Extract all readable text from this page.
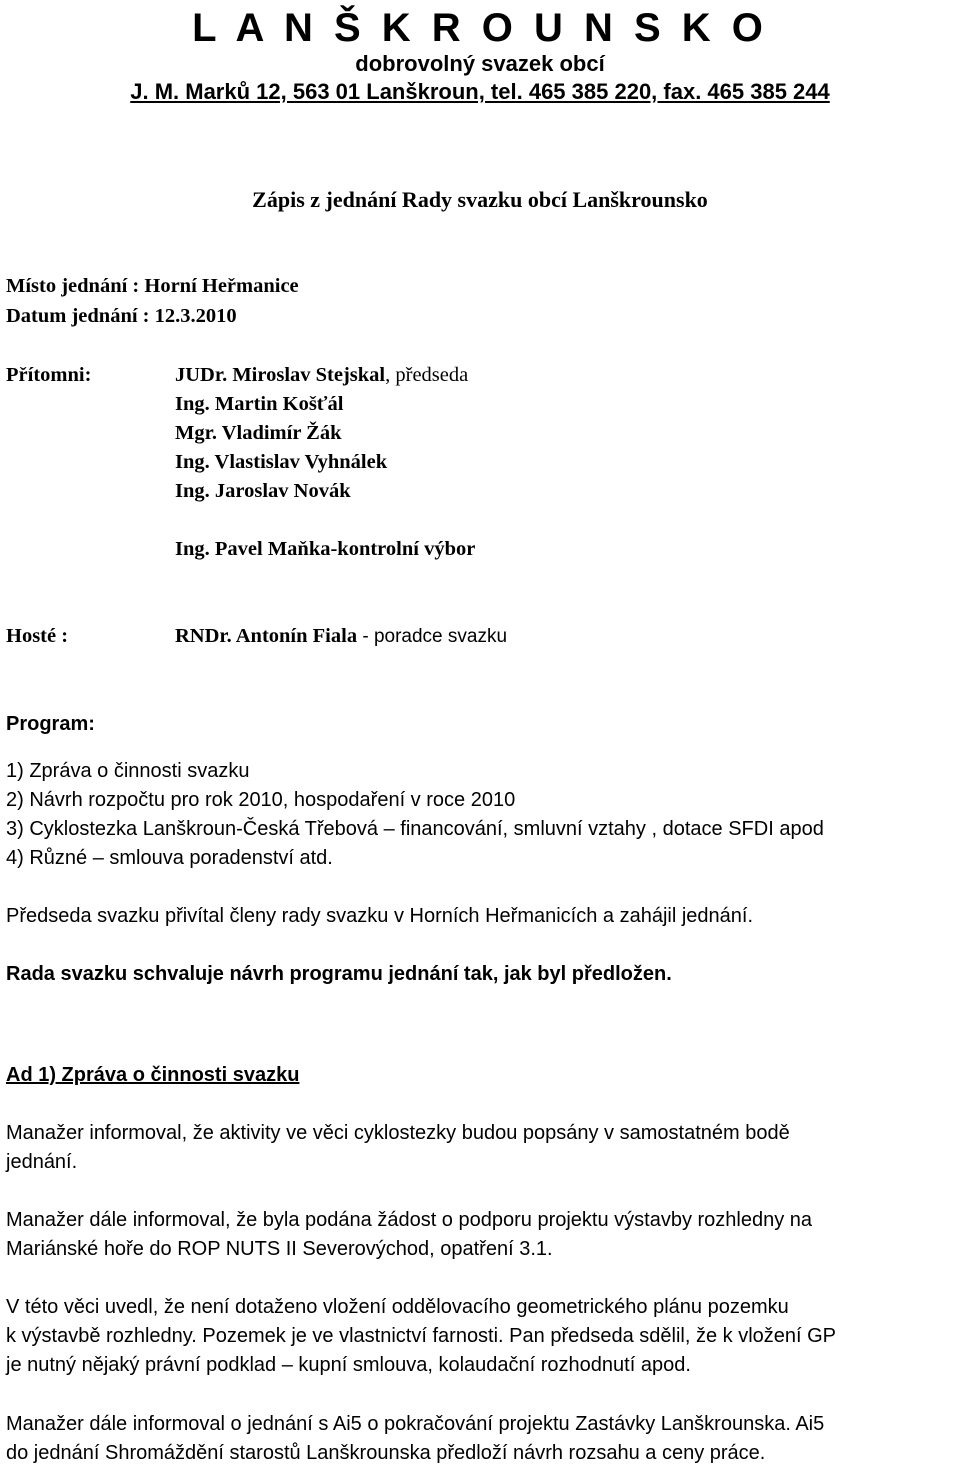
L A N Š K R O U N S K O
dobrovolný svazek obcí
J. M. Marků 12, 563 01 Lanškroun, tel. 465 385 220, fax. 465 385 244
Zápis z jednání Rady svazku obcí Lanškrounsko
Místo jednání : Horní Heřmanice
Datum jednání : 12.3.2010
Přítomni:	JUDr. Miroslav Stejskal, předseda
Ing. Martin Košťál
Mgr. Vladimír Žák
Ing. Vlastislav Vyhnálek
Ing. Jaroslav Novák
Ing. Pavel Maňka-kontrolní výbor
Hosté :	RNDr. Antonín Fiala - poradce svazku
Program:
1) Zpráva o činnosti svazku
2) Návrh rozpočtu pro rok 2010, hospodaření v roce 2010
3) Cyklostezka Lanškroun-Česká Třebová – financování, smluvní vztahy , dotace SFDI apod
4) Různé – smlouva poradenství atd.
Předseda svazku přivítal členy rady svazku v Horních Heřmanicích a zahájil jednání.
Rada svazku schvaluje návrh programu jednání tak, jak byl předložen.
Ad 1) Zpráva o činnosti svazku
Manažer informoval, že aktivity ve věci cyklostezky budou popsány v samostatném bodě
jednání.
Manažer dále informoval, že byla podána žádost o podporu projektu výstavby rozhledny na
Mariánské hoře do ROP NUTS II Severovýchod, opatření 3.1.
V této věci uvedl, že není dotaženo vložení oddělovacího geometrického plánu pozemku
k výstavbě rozhledny. Pozemek je ve vlastnictví farnosti. Pan předseda sdělil, že k vložení GP
je nutný nějaký právní podklad – kupní smlouva, kolaudační rozhodnutí apod.
Manažer dále informoval o jednání s Ai5 o pokračování projektu Zastávky Lanškrounska. Ai5
do jednání Shromáždění starostů Lanškrounska předloží návrh rozsahu a ceny práce.
